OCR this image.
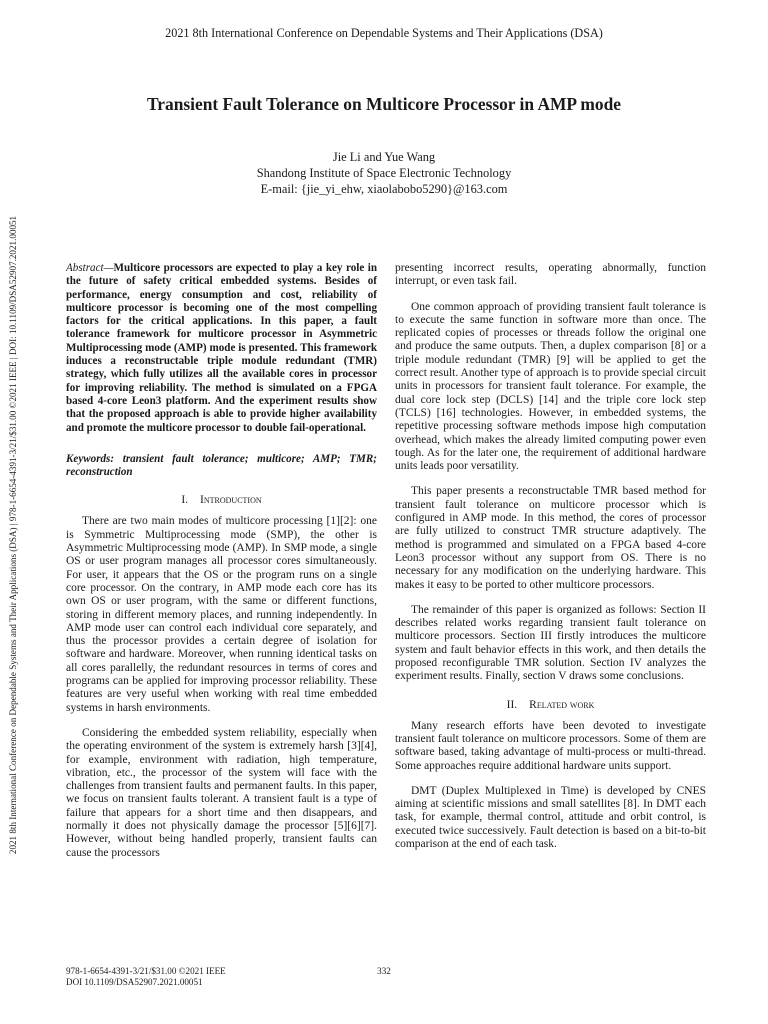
2021 8th International Conference on Dependable Systems and Their Applications (DSA)
2021 8th International Conference on Dependable Systems and Their Applications (DSA) | 978-1-6654-4391-3/21/$31.00 ©2021 IEEE | DOI: 10.1109/DSA52907.2021.00051
Transient Fault Tolerance on Multicore Processor in AMP mode
Jie Li and Yue Wang
Shandong Institute of Space Electronic Technology
E-mail: {jie_yi_ehw, xiaolabobo5290}@163.com

Abstract—Multicore processors are expected to play a key role in the future of safety critical embedded systems. Besides of performance, energy consumption and cost, reliability of multicore processor is becoming one of the most compelling factors for the critical applications. In this paper, a fault tolerance framework for multicore processor in Asymmetric Multiprocessing mode (AMP) mode is presented. This framework induces a reconstructable triple module redundant (TMR) strategy, which fully utilizes all the available cores in processor for improving reliability. The method is simulated on a FPGA based 4-core Leon3 platform. And the experiment results show that the proposed approach is able to provide higher availability and promote the multicore processor to double fail-operational.

Keywords: transient fault tolerance; multicore; AMP; TMR; reconstruction

I. Introduction

There are two main modes of multicore processing [1][2]: one is Symmetric Multiprocessing mode (SMP), the other is Asymmetric Multiprocessing mode (AMP). In SMP mode, a single OS or user program manages all processor cores simultaneously. For user, it appears that the OS or the program runs on a single core processor. On the contrary, in AMP mode each core has its own OS or user program, with the same or different functions, storing in different memory places, and running independently. In AMP mode user can control each individual core separately, and thus the processor provides a certain degree of isolation for software and hardware. Moreover, when running identical tasks on all cores parallelly, the redundant resources in terms of cores and programs can be applied for improving processor reliability. These features are very useful when working with real time embedded systems in harsh environments.

Considering the embedded system reliability, especially when the operating environment of the system is extremely harsh [3][4], for example, environment with radiation, high temperature, vibration, etc., the processor of the system will face with the challenges from transient faults and permanent faults. In this paper, we focus on transient faults tolerant. A transient fault is a type of failure that appears for a short time and then disappears, and normally it does not physically damage the processor [5][6][7]. However, without being handled properly, transient faults can cause the processors

presenting incorrect results, operating abnormally, function interrupt, or even task fail.

One common approach of providing transient fault tolerance is to execute the same function in software more than once. The replicated copies of processes or threads follow the original one and produce the same outputs. Then, a duplex comparison [8] or a triple module redundant (TMR) [9] will be applied to get the correct result. Another type of approach is to provide special circuit units in processors for transient fault tolerance. For example, the dual core lock step (DCLS) [14] and the triple core lock step (TCLS) [16] technologies. However, in embedded systems, the repetitive processing software methods impose high computation overhead, which makes the already limited computing power even tough. As for the later one, the requirement of additional hardware units leads poor versatility.

This paper presents a reconstructable TMR based method for transient fault tolerance on multicore processor which is configured in AMP mode. In this method, the cores of processor are fully utilized to construct TMR structure adaptively. The method is programmed and simulated on a FPGA based 4-core Leon3 processor without any support from OS. There is no necessary for any modification on the underlying hardware. This makes it easy to be ported to other multicore processors.

The remainder of this paper is organized as follows: Section II describes related works regarding transient fault tolerance on multicore processors. Section III firstly introduces the multicore system and fault behavior effects in this work, and then details the proposed reconfigurable TMR solution. Section IV analyzes the experiment results. Finally, section V draws some conclusions.

II. Related work

Many research efforts have been devoted to investigate transient fault tolerance on multicore processors. Some of them are software based, taking advantage of multi-process or multi-thread. Some approaches require additional hardware units support.

DMT (Duplex Multiplexed in Time) is developed by CNES aiming at scientific missions and small satellites [8]. In DMT each task, for example, thermal control, attitude and orbit control, is executed twice successively. Fault detection is based on a bit-to-bit comparison at the end of each task.

978-1-6654-4391-3/21/$31.00 ©2021 IEEE
DOI 10.1109/DSA52907.2021.00051
332
